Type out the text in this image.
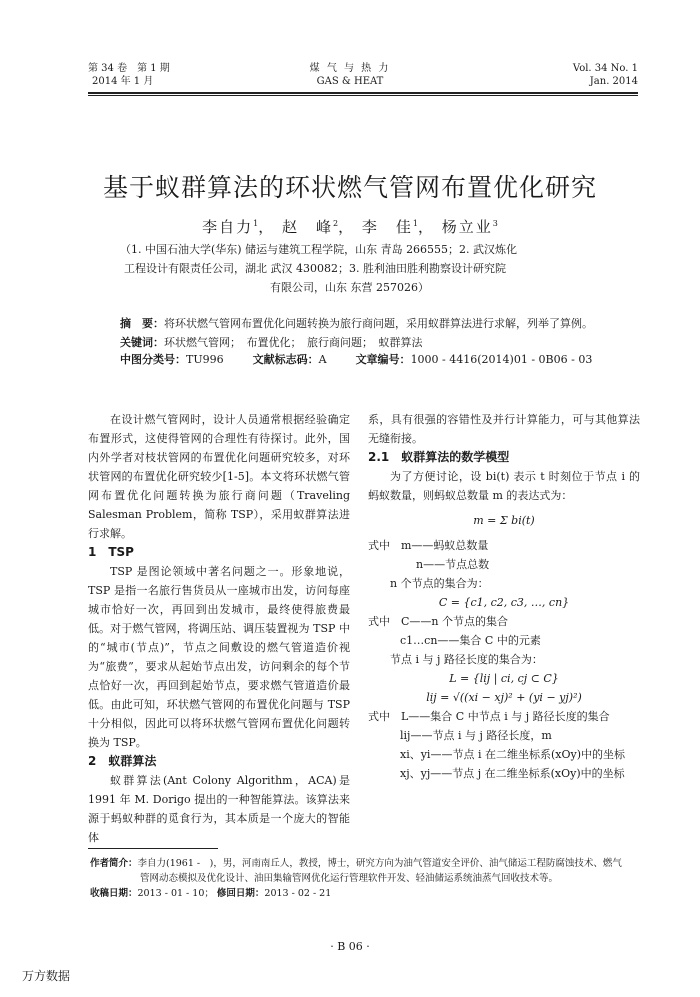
第 34 卷　第 1 期
2014 年 1 月
煤 气 与 热 力
GAS & HEAT
Vol. 34 No. 1
Jan. 2014
基于蚁群算法的环状燃气管网布置优化研究
李自力$^1$， 赵　峰$^2$， 李　佳$^1$， 杨立业$^3$
（1. 中国石油大学(华东) 储运与建筑工程学院，山东 青岛 266555；2. 武汉炼化
工程设计有限责任公司，湖北 武汉 430082；3. 胜利油田胜利勘察设计研究院
有限公司，山东 东营 257026）
摘　要：将环状燃气管网布置优化问题转换为旅行商问题，采用蚁群算法进行求解，列举了算例。
关键词：环状燃气管网；　布置优化；　旅行商问题；　蚁群算法
中图分类号：TU996	文献标志码：A	文章编号：1000 - 4416(2014)01 - 0B06 - 03
在设计燃气管网时，设计人员通常根据经验确定布置形式，这使得管网的合理性有待探讨。此外，国内外学者对枝状管网的布置优化问题研究较多，对环状管网的布置优化研究较少[1-5]。本文将环状燃气管网布置优化问题转换为旅行商问题（Traveling Salesman Problem，简称 TSP），采用蚁群算法进行求解。
1　TSP
TSP 是图论领域中著名问题之一。形象地说，TSP 是指一名旅行售货员从一座城市出发，访问每座城市恰好一次，再回到出发城市，最终使得旅费最低。对于燃气管网，将调压站、调压装置视为 TSP 中的“城市(节点)”，节点之间敷设的燃气管道造价视为“旅费”，要求从起始节点出发，访问剩余的每个节点恰好一次，再回到起始节点，要求燃气管道造价最低。由此可知，环状燃气管网的布置优化问题与 TSP 十分相似，因此可以将环状燃气管网布置优化问题转换为 TSP。
2　蚁群算法
蚁群算法(Ant Colony Algorithm，ACA)是 1991 年 M. Dorigo 提出的一种智能算法。该算法来源于蚂蚁种群的觅食行为，其本质是一个庞大的智能体
系，具有很强的容错性及并行计算能力，可与其他算法无缝衔接。
2.1　蚁群算法的数学模型
为了方便讨论，设 bi(t) 表示 t 时刻位于节点 i 的蚂蚁数量，则蚂蚁总数量 m 的表达式为：
m = Σ bi(t)
式中　m——蚂蚁总数量
n——节点总数
n 个节点的集合为：
C = {c1, c2, c3, …, cn}
式中　C——n 个节点的集合
c1…cn——集合 C 中的元素
节点 i 与 j 路径长度的集合为：
L = {lij | ci, cj ⊂ C}
lij = √((xi − xj)² + (yi − yj)²)
式中　L——集合 C 中节点 i 与 j 路径长度的集合
lij——节点 i 与 j 路径长度，m
xi、yi——节点 i 在二维坐标系(xOy)中的坐标
xj、yj——节点 j 在二维坐标系(xOy)中的坐标
作者简介：李自力(1961 -　)，男，河南南丘人，教授，博士，研究方向为油气管道安全评价、油气储运工程防腐蚀技术、燃气管网动态模拟及优化设计、油田集输管网优化运行管理软件开发、轻油储运系统油蒸气回收技术等。
收稿日期：2013 - 01 - 10； 修回日期：2013 - 02 - 21
· B 06 ·
万方数据
